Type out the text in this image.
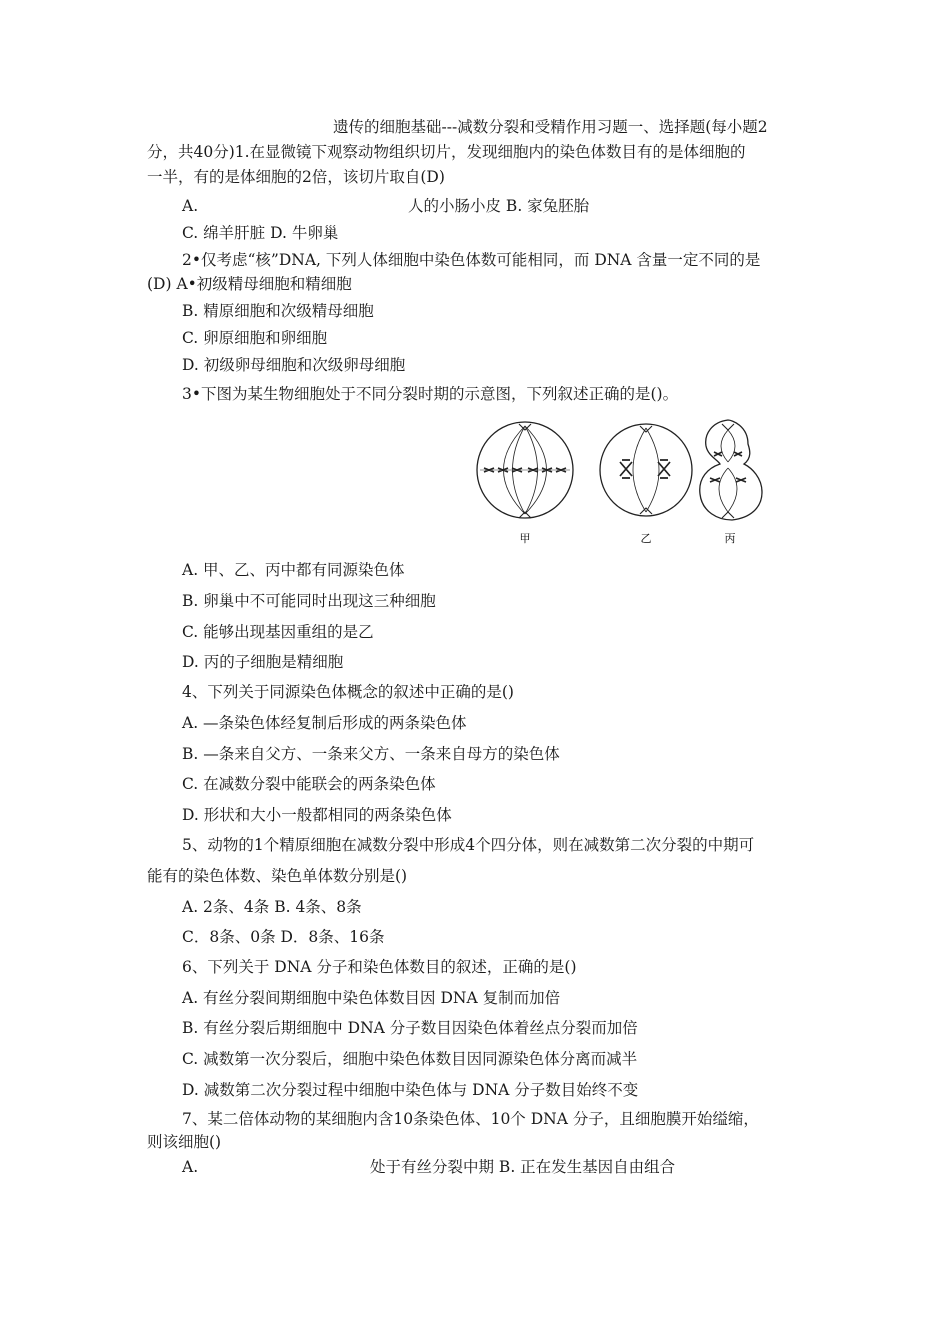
遗传的细胞基础---减数分裂和受精作用习题一、选择题(每小题2
分，共40分)1.在显微镜下观察动物组织切片，发现细胞内的染色体数目有的是体细胞的
一半，有的是体细胞的2倍，该切片取自(D)
A.	人的小肠小皮 B. 家兔胚胎
C. 绵羊肝脏 D. 牛卵巢
2•仅考虑“核”DNA, 下列人体细胞中染色体数可能相同，而 DNA 含量一定不同的是
(D) A•初级精母细胞和精细胞
B. 精原细胞和次级精母细胞
C. 卵原细胞和卵细胞
D. 初级卵母细胞和次级卵母细胞
3•下图为某生物细胞处于不同分裂时期的示意图，下列叙述正确的是()。
甲	乙	丙
A. 甲、乙、丙中都有同源染色体
B. 卵巢中不可能同时出现这三种细胞
C. 能够出现基因重组的是乙
D. 丙的子细胞是精细胞
4、下列关于同源染色体概念的叙述中正确的是()
A. —条染色体经复制后形成的两条染色体
B. —条来自父方、一条来父方、一条来自母方的染色体
C. 在减数分裂中能联会的两条染色体
D. 形状和大小一般都相同的两条染色体
5、动物的1个精原细胞在减数分裂中形成4个四分体，则在减数第二次分裂的中期可
能有的染色体数、染色单体数分别是()
A. 2条、4条 B. 4条、8条
C．8条、0条 D．8条、16条
6、下列关于 DNA 分子和染色体数目的叙述，正确的是()
A. 有丝分裂间期细胞中染色体数目因 DNA 复制而加倍
B. 有丝分裂后期细胞中 DNA 分子数目因染色体着丝点分裂而加倍
C. 减数第一次分裂后，细胞中染色体数目因同源染色体分离而减半
D. 减数第二次分裂过程中细胞中染色体与 DNA 分子数目始终不变
7、某二倍体动物的某细胞内含10条染色体、10个 DNA 分子，且细胞膜开始缢缩，
则该细胞()
A.	处于有丝分裂中期 B. 正在发生基因自由组合
